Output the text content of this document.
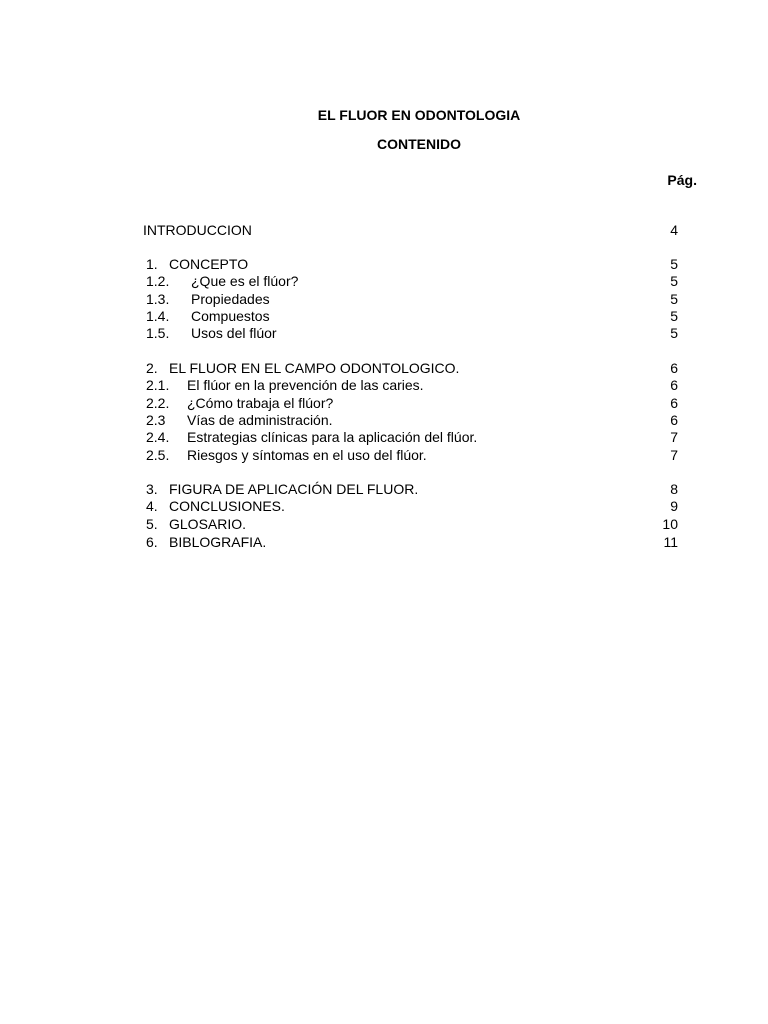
EL FLUOR EN ODONTOLOGIA
CONTENIDO
Pág.
INTRODUCCION	4
1. CONCEPTO	5
1.2. ¿Que es el flúor?	5
1.3. Propiedades	5
1.4. Compuestos	5
1.5. Usos del flúor	5
2. EL FLUOR EN EL CAMPO ODONTOLOGICO.	6
2.1. El flúor en la prevención de las caries.	6
2.2. ¿Cómo trabaja el flúor?	6
2.3 Vías de administración.	6
2.4. Estrategias clínicas para la aplicación del flúor.	7
2.5. Riesgos y síntomas en el uso del flúor.	7
3. FIGURA DE APLICACIÓN DEL FLUOR.	8
4. CONCLUSIONES.	9
5. GLOSARIO.	10
6. BIBLOGRAFIA.	11
